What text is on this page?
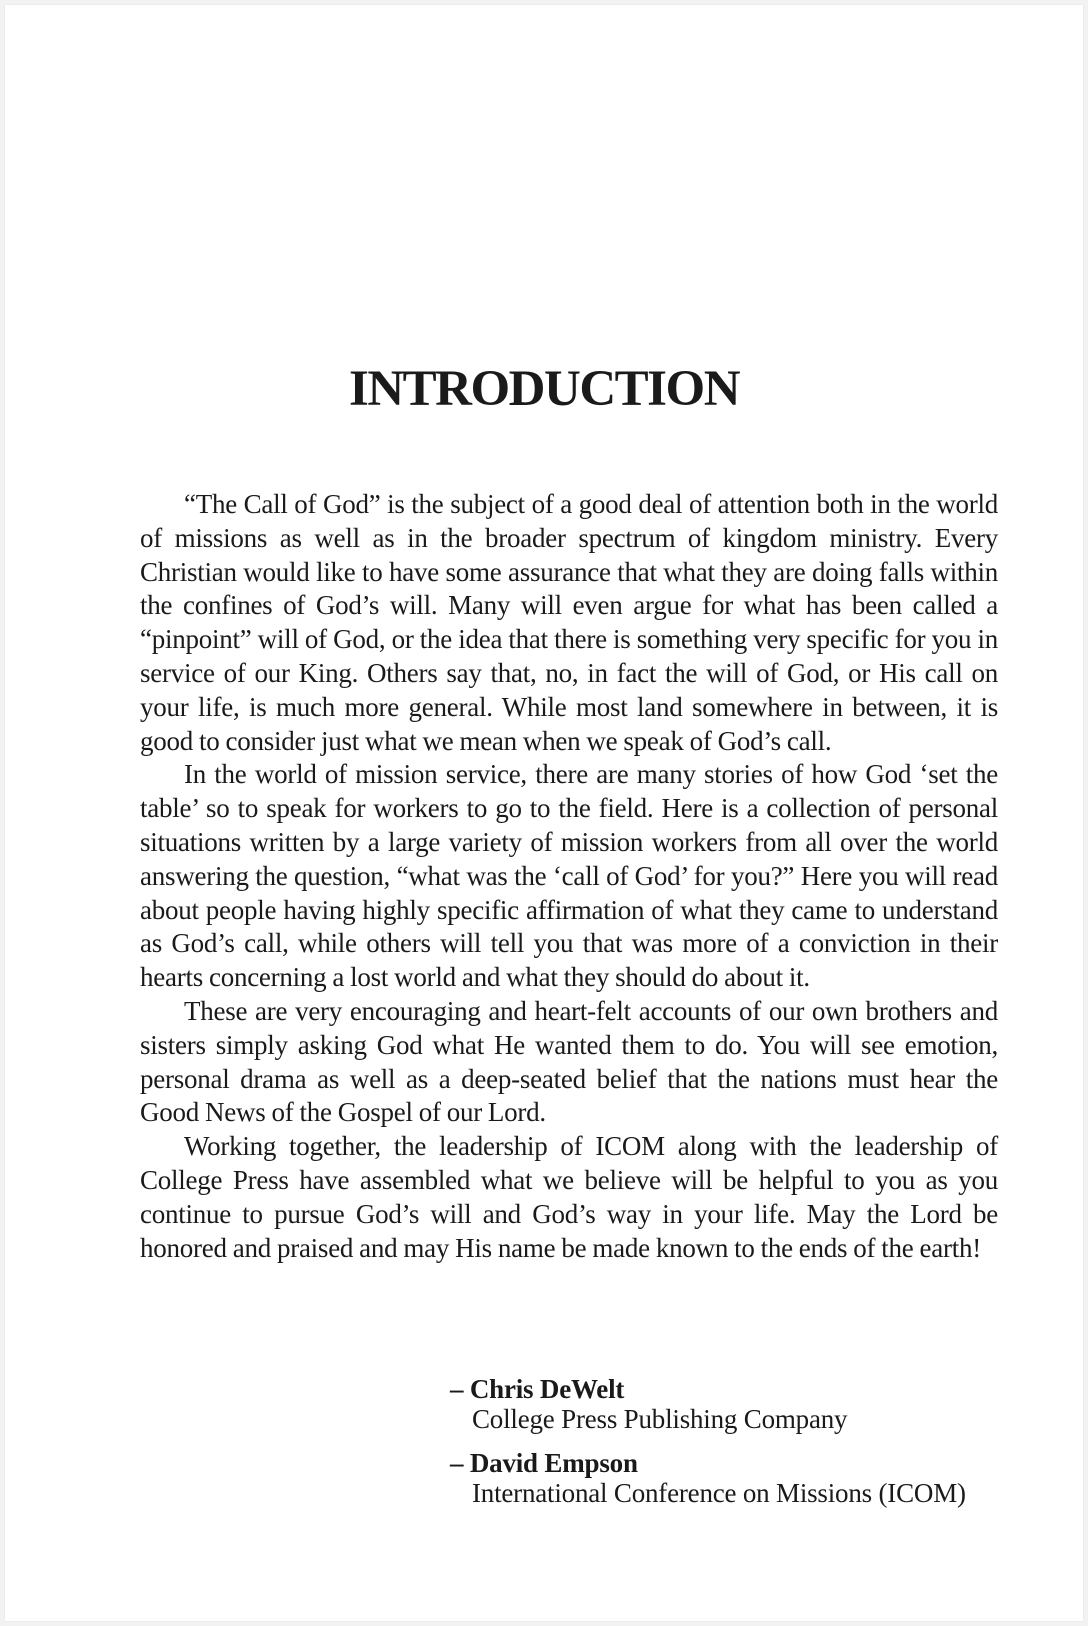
INTRODUCTION

“The Call of God” is the subject of a good deal of attention both in the world of missions as well as in the broader spectrum of kingdom ministry. Every Christian would like to have some assurance that what they are doing falls within the confines of God’s will. Many will even argue for what has been called a “pinpoint” will of God, or the idea that there is something very specific for you in service of our King. Others say that, no, in fact the will of God, or His call on your life, is much more general. While most land somewhere in between, it is good to consider just what we mean when we speak of God’s call.

In the world of mission service, there are many stories of how God ‘set the table’ so to speak for workers to go to the field. Here is a collection of personal situations written by a large variety of mission workers from all over the world answering the question, “what was the ‘call of God’ for you?” Here you will read about people having highly specific affirmation of what they came to understand as God’s call, while others will tell you that was more of a conviction in their hearts concerning a lost world and what they should do about it.

These are very encouraging and heart-felt accounts of our own brothers and sisters simply asking God what He wanted them to do. You will see emotion, personal drama as well as a deep-seated belief that the nations must hear the Good News of the Gospel of our Lord.

Working together, the leadership of ICOM along with the leadership of College Press have assembled what we believe will be helpful to you as you continue to pursue God’s will and God’s way in your life. May the Lord be honored and praised and may His name be made known to the ends of the earth!

– Chris DeWelt
College Press Publishing Company
– David Empson
International Conference on Missions (ICOM)
